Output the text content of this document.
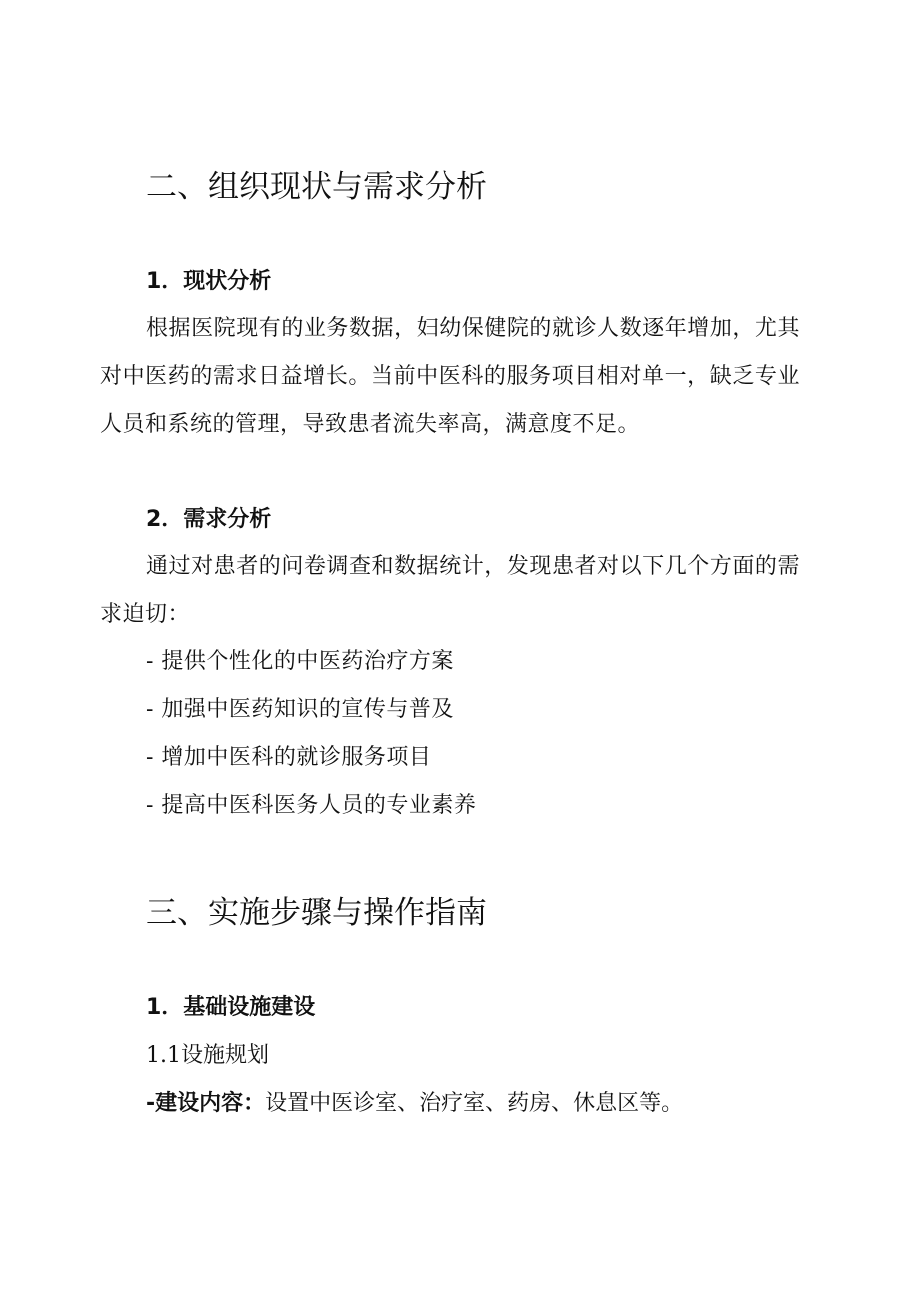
二、组织现状与需求分析
1．现状分析

根据医院现有的业务数据，妇幼保健院的就诊人数逐年增加，尤其对中医药的需求日益增长。当前中医科的服务项目相对单一，缺乏专业人员和系统的管理，导致患者流失率高，满意度不足。

2．需求分析

通过对患者的问卷调查和数据统计，发现患者对以下几个方面的需求迫切：

- 提供个性化的中医药治疗方案

- 加强中医药知识的宣传与普及

- 增加中医科的就诊服务项目

- 提高中医科医务人员的专业素养

三、实施步骤与操作指南
1．基础设施建设

1.1设施规划

-建设内容：设置中医诊室、治疗室、药房、休息区等。
